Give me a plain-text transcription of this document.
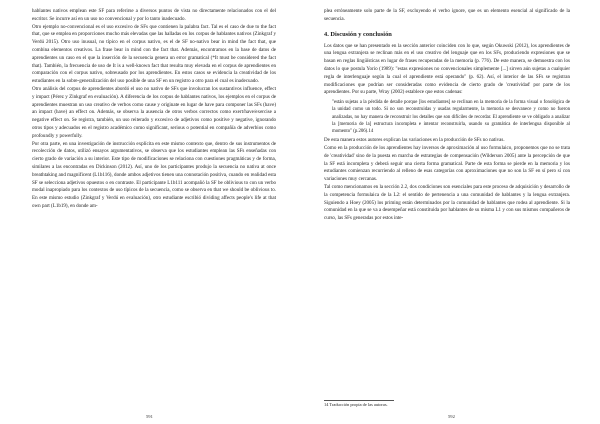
hablantes nativos emplean este SF para referirse a diversos puntos de vista no directamente relacionados con el del escritor. Se incurre así en un uso no convencional y por lo tanto inadecuado.

Otro ejemplo no-convencional es el uso excesivo de SFs que contienen la palabra fact. Tal es el caso de due to the fact that, que se emplea en proporciones mucho más elevadas que las halladas en los corpus de hablantes nativos (Zinkgraf y Verdú 2015). Otro uso inusual, no típico en el corpus nativo, es el de SF no-nativo bear in mind the fact that, que combina elementos creativos. La frase bear in mind con the fact that. Además, encontramos en la base de datos de aprendientes un caso en el que la inserción de la secuencia genera un error gramatical (*It must be considered the fact that). También, la frecuencia de uso de It is a well-known fact that resulta muy elevada en el corpus de aprendientes en comparación con el corpus nativo, sobreusado por los aprendientes. En estos casos se evidencia la creatividad de los estudiantes en la sobre-generalización del uso posible de una SF en un registro a otro para el cual es inadecuado.

Otro análisis del corpus de aprendientes abordó el uso no nativo de SFs que involucran los sustantivos influence, effect y impact (Pérez y Zinkgraf en evaluación). A diferencia de los corpus de hablantes nativos, los ejemplos en el corpus de aprendientes muestran un uso creativo de verbos como cause y originate en lugar de have para componer las SFs (have) an impact (have) an effect on. Además, se observa la ausencia de otros verbos correctos como exert/have/exercise a negative effect on. Se registra, también, un uso reiterado y excesivo de adjetivos como positive y negative, ignorando otros tipos y adecuados en el registro académico como significant, serious o potential en compañía de adverbios como profoundly y powerfully.

Por otra parte, en una investigación de instrucción explícita en este mismo contexto que, dentro de sus instrumentos de recolección de datos, utilizó ensayos argumentativos, se observa que los estudiantes emplean las SFs enseñadas con cierto grado de variación a su interior. Este tipo de modificaciones se relaciona con cuestiones pragmáticas y de forma, similares a las encontradas en Dickinson (2012). Así, uno de los participantes produjo la secuencia no nativa at once breathtaking and magnificent (L1b116), donde ambos adjetivos tienen una connotación positiva, cuando en realidad esta SF se selecciona adjetivos opuestos o en contraste. El participante L1b111 acompañó la SF be oblivious to con un verbo modal inapropiado para los contextos de uso típicos de la secuencia, como se observa en that we should be oblivious to. En este mismo estudio (Zinkgraf y Verdú en evaluación), otro estudiante escribió dividing affects people's life at that own part (L1b19), en donde am-

591

plea erróneamente solo parte de la SF, excluyendo el verbo ignore, que es un elemento esencial al significado de la secuencia.

4. Discusión y conclusión

Los datos que se han presentado en la sección anterior coinciden con lo que, según Okuwski (2012), los aprendientes de una lengua extranjera se reclinan más en el uso creativo del lenguaje que en los SFs, produciendo expresiones que se basan en reglas lingüísticas en lugar de frases recuperadas de la memoria (p. 776). De este manera, se demuestra con los datos lo que postula Yorio (1989): "estas expresiones no convencionales simplemente [...] sirven aún sujetas a cualquier regla de interlenguaje según la cual el aprendiente está operando" (p. 62). Así, el interior de las SFs se registran modificaciones que podrían ser consideradas como evidencia de cierto grado de 'creatividad' por parte de los aprendientes. Por su parte, Wray (2002) establece que estos cadenas:

"están sujetas a la pérdida de detalle porque [los estudiantes] se reclinan en la memoria de la forma visual o fonológica de la unidad como un todo. Si no son reconstruidas y usadas regularmente, la memoria se desvanece y como no fueron analizadas, no hay manera de reconstruir los detalles que son difíciles de recordar. El aprendiente se ve obligado a analizar la [memoria de la] estructura incompleta e intentar reconstruirla, usando su gramática de interlengua disponible al momento" (p.206).14

De esta manera estos autores explican las variaciones en la producción de SFs no nativas.

Como en la producción de los aprendientes hay inversos de aproximación al uso formulaico, proponemos que no se trata de 'creatividad' sino de la puesta en marcha de estrategias de compensación (Wilderson 2005) ante la percepción de que la SF está incompleta y deberá seguir una cierta forma gramatical. Parte de esta forma se pierde en la memoria y los estudiantes comienzan recurriendo al relleno de esas categorías con aproximaciones que no son la SF en sí pero sí con variaciones muy cercanas.

Tal como mencionamos en la sección 2.2, dos condiciones son esenciales para este proceso de adquisición y desarrollo de la competencia formulaica de la L2: el sentido de pertenencia a una comunidad de hablantes y la lengua extranjera. Siguiendo a Hoey (2005) los priming están determinados por la comunidad de hablantes que rodea al aprendiente. Si la comunidad en la que se va a desempeñar está constituida por hablantes de su misma L1 y con sus mismos compañeros de curso, las SFs generadas por estos inte-

14 Traducción propia de las autoras.
592
